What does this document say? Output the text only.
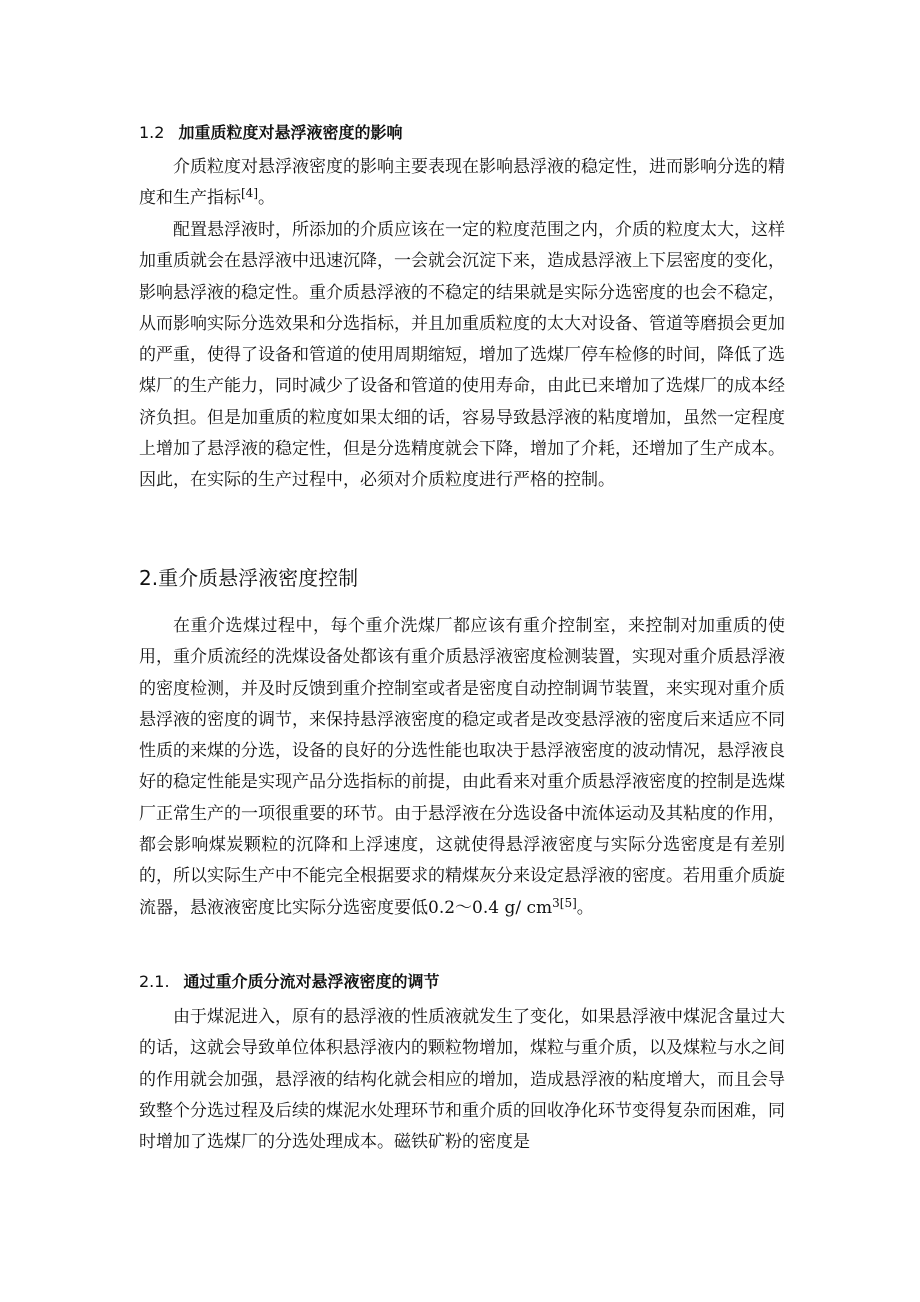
1.2 加重质粒度对悬浮液密度的影响

介质粒度对悬浮液密度的影响主要表现在影响悬浮液的稳定性，进而影响分选的精度和生产指标[4]。

配置悬浮液时，所添加的介质应该在一定的粒度范围之内，介质的粒度太大，这样加重质就会在悬浮液中迅速沉降，一会就会沉淀下来，造成悬浮液上下层密度的变化，影响悬浮液的稳定性。重介质悬浮液的不稳定的结果就是实际分选密度的也会不稳定，从而影响实际分选效果和分选指标，并且加重质粒度的太大对设备、管道等磨损会更加的严重，使得了设备和管道的使用周期缩短，增加了选煤厂停车检修的时间，降低了选煤厂的生产能力，同时减少了设备和管道的使用寿命，由此已来增加了选煤厂的成本经济负担。但是加重质的粒度如果太细的话，容易导致悬浮液的粘度增加，虽然一定程度上增加了悬浮液的稳定性，但是分选精度就会下降，增加了介耗，还增加了生产成本。因此，在实际的生产过程中，必须对介质粒度进行严格的控制。

2.重介质悬浮液密度控制

在重介选煤过程中，每个重介洗煤厂都应该有重介控制室，来控制对加重质的使用，重介质流经的洗煤设备处都该有重介质悬浮液密度检测装置，实现对重介质悬浮液的密度检测，并及时反馈到重介控制室或者是密度自动控制调节装置，来实现对重介质悬浮液的密度的调节，来保持悬浮液密度的稳定或者是改变悬浮液的密度后来适应不同性质的来煤的分选，设备的良好的分选性能也取决于悬浮液密度的波动情况，悬浮液良好的稳定性能是实现产品分选指标的前提，由此看来对重介质悬浮液密度的控制是选煤厂正常生产的一项很重要的环节。由于悬浮液在分选设备中流体运动及其粘度的作用，都会影响煤炭颗粒的沉降和上浮速度，这就使得悬浮液密度与实际分选密度是有差别的，所以实际生产中不能完全根据要求的精煤灰分来设定悬浮液的密度。若用重介质旋流器，悬液液密度比实际分选密度要低0.2～0.4 g/ cm$^{3[5]}$。

2.1. 通过重介质分流对悬浮液密度的调节

由于煤泥进入，原有的悬浮液的性质液就发生了变化，如果悬浮液中煤泥含量过大的话，这就会导致单位体积悬浮液内的颗粒物增加，煤粒与重介质，以及煤粒与水之间的作用就会加强，悬浮液的结构化就会相应的增加，造成悬浮液的粘度增大，而且会导致整个分选过程及后续的煤泥水处理环节和重介质的回收净化环节变得复杂而困难，同时增加了选煤厂的分选处理成本。磁铁矿粉的密度是
